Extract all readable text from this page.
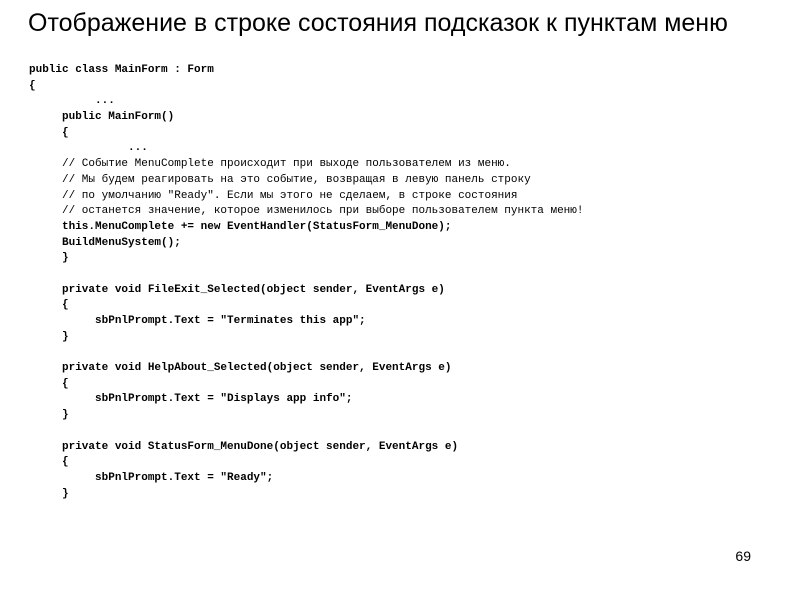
Отображение в строке состояния подсказок к пунктам меню
public class MainForm : Form
{
...
public MainForm()
{
...
// Событие MenuComplete происходит при выходе пользователем из меню.
// Мы будем реагировать на это событие, возвращая в левую панель строку
// по умолчанию "Ready". Если мы этого не сделаем, в строке состояния
// останется значение, которое изменилось при выборе пользователем пункта меню!
this.MenuComplete += new EventHandler(StatusForm_MenuDone);
BuildMenuSystem();
}
private void FileExit_Selected(object sender, EventArgs e)
{
sbPnlPrompt.Text = "Terminates this app";
}
private void HelpAbout_Selected(object sender, EventArgs e)
{
sbPnlPrompt.Text = "Displays app info";
}
private void StatusForm_MenuDone(object sender, EventArgs e)
{
sbPnlPrompt.Text = "Ready";
}
69
